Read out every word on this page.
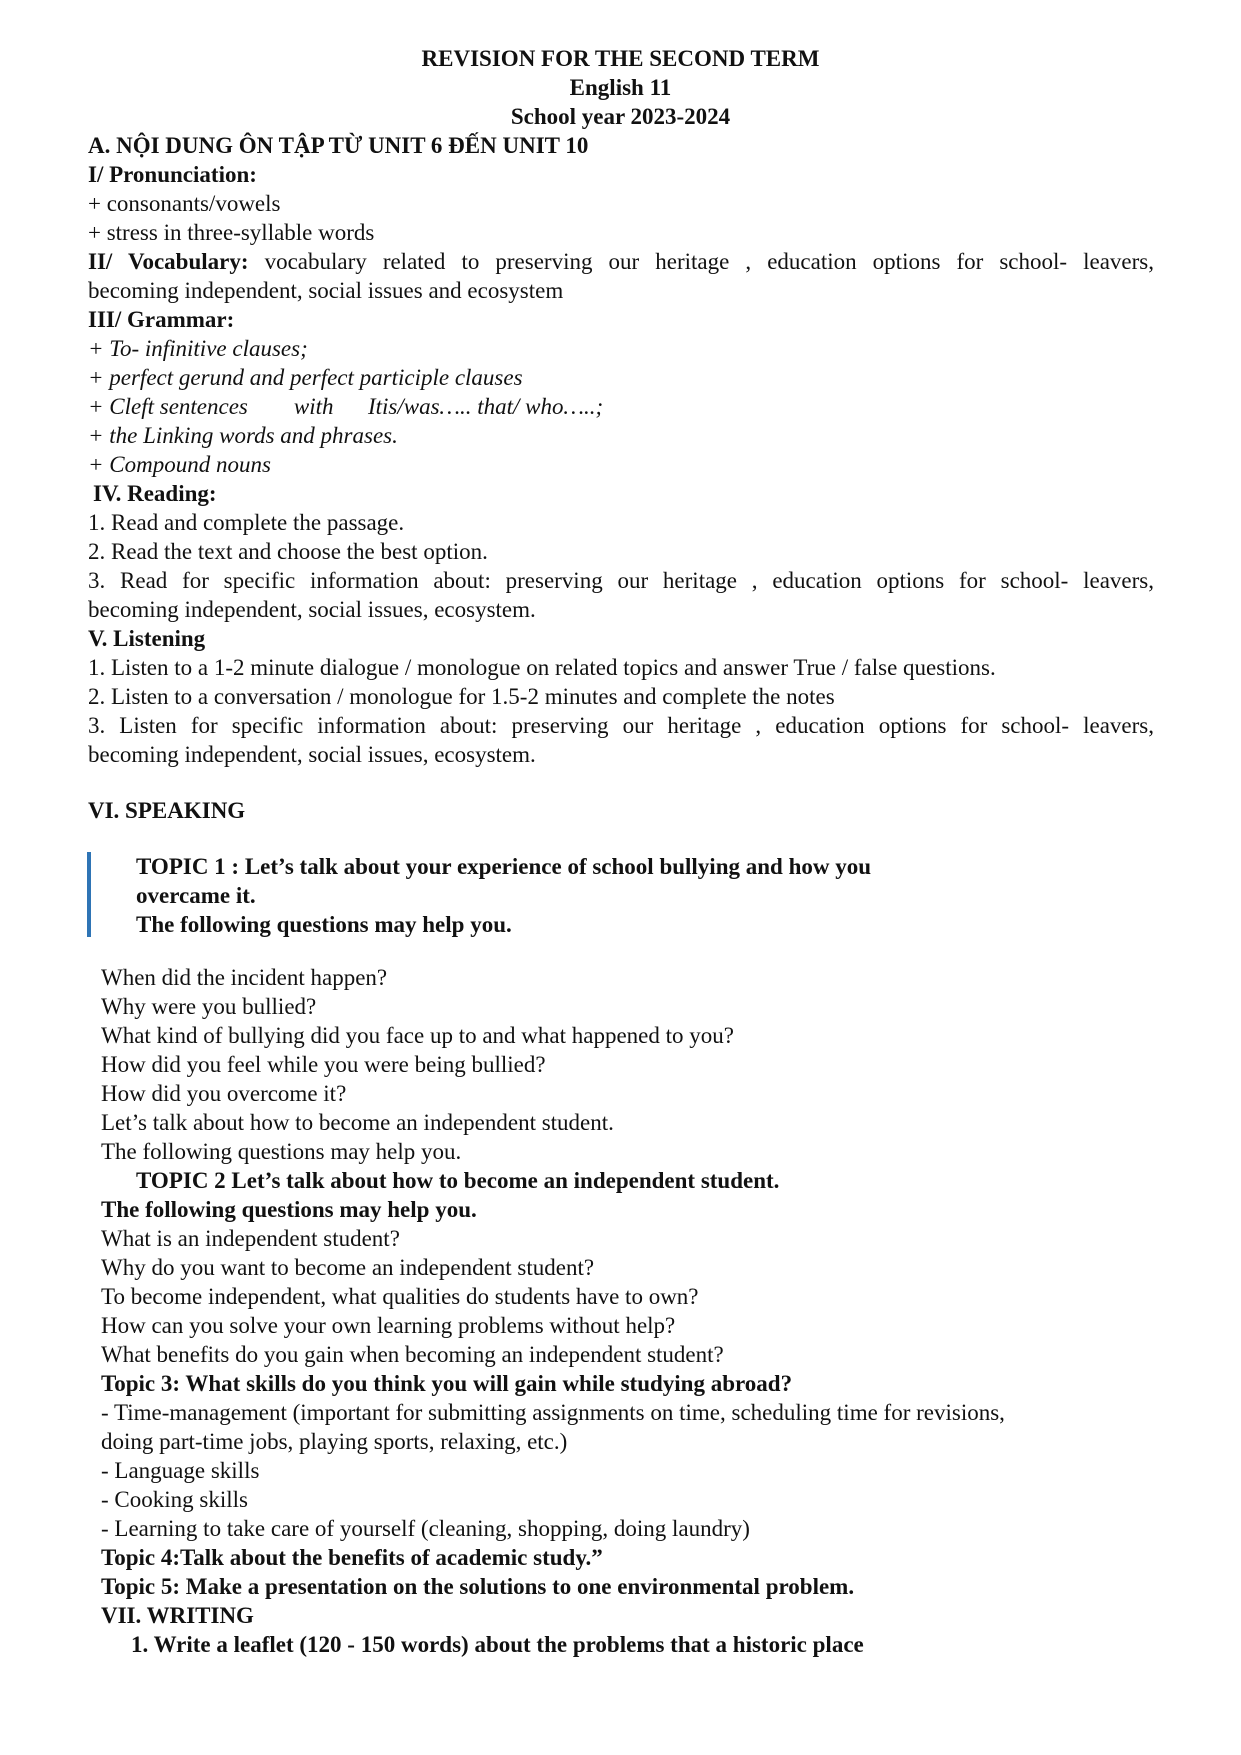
REVISION FOR THE SECOND TERM
English 11
School year 2023-2024
A. NỘI DUNG ÔN TẬP TỪ UNIT 6 ĐẾN UNIT 10
I/ Pronunciation:
+ consonants/vowels
+ stress in three-syllable words
II/ Vocabulary: vocabulary related to preserving our heritage , education options for school- leavers,
becoming independent, social issues and ecosystem
III/ Grammar:
+ To- infinitive clauses;
+ perfect gerund and perfect participle clauses
+ Cleft sentences        with      Itis/was….. that/ who…..;
+ the Linking words and phrases.
+ Compound nouns
IV. Reading:
1. Read and complete the passage.
2. Read the text and choose the best option.
3. Read for specific information about: preserving our heritage , education options for school- leavers,
becoming independent, social issues, ecosystem.
V. Listening
1. Listen to a 1-2 minute dialogue / monologue on related topics and answer True / false questions.
2. Listen to a conversation / monologue for 1.5-2 minutes and complete the notes
3. Listen for specific information about: preserving our heritage , education options for school- leavers,
becoming independent, social issues, ecosystem.
VI. SPEAKING
TOPIC 1 : Let’s talk about your experience of school bullying and how you
overcame it.
The following questions may help you.
When did the incident happen?
Why were you bullied?
What kind of bullying did you face up to and what happened to you?
How did you feel while you were being bullied?
How did you overcome it?
Let’s talk about how to become an independent student.
The following questions may help you.
TOPIC 2 Let’s talk about how to become an independent student.
The following questions may help you.
What is an independent student?
Why do you want to become an independent student?
To become independent, what qualities do students have to own?
How can you solve your own learning problems without help?
What benefits do you gain when becoming an independent student?
Topic 3: What skills do you think you will gain while studying abroad?
- Time-management (important for submitting assignments on time, scheduling time for revisions,
doing part-time jobs, playing sports, relaxing, etc.)
- Language skills
- Cooking skills
- Learning to take care of yourself (cleaning, shopping, doing laundry)
Topic 4:Talk about the benefits of academic study.”
Topic 5: Make a presentation on the solutions to one environmental problem.
VII. WRITING
1. Write a leaflet (120 - 150 words) about the problems that a historic place
